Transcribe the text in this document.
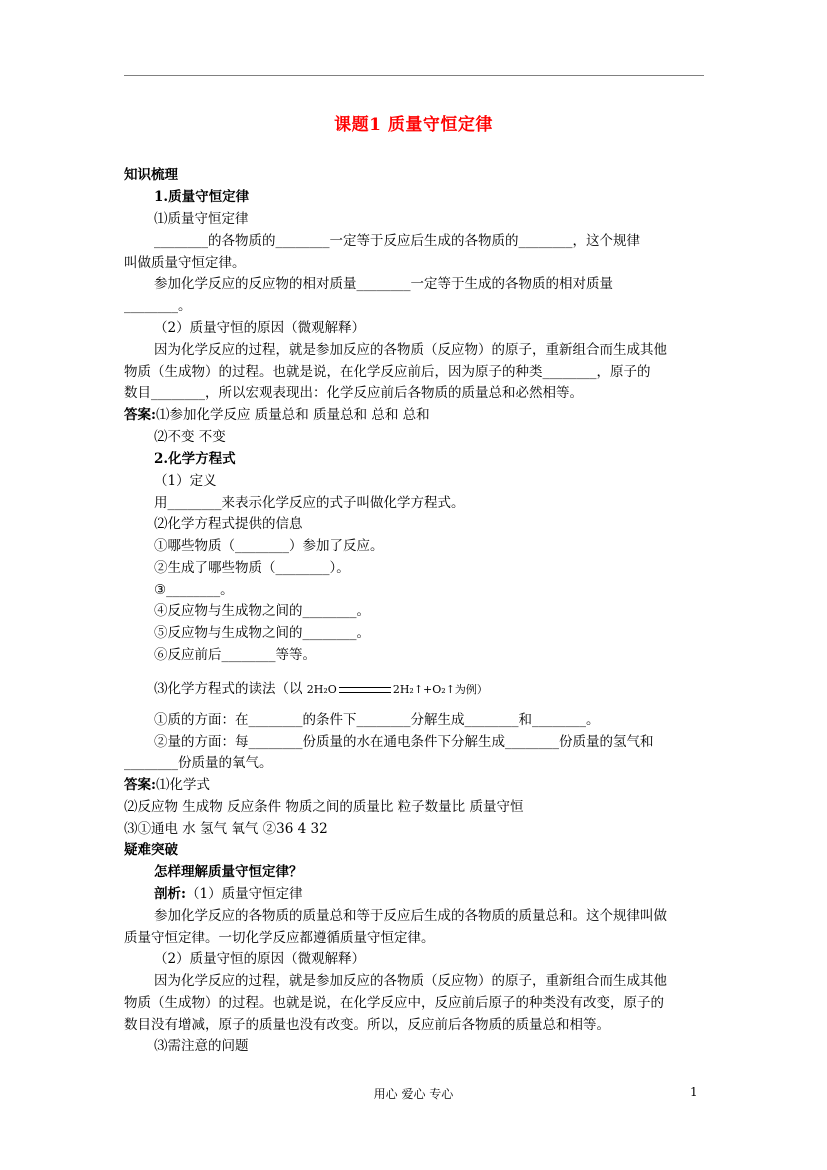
课题1 质量守恒定律
知识梳理
1.质量守恒定律
⑴质量守恒定律
________的各物质的________一定等于反应后生成的各物质的________，这个规律
叫做质量守恒定律。
参加化学反应的反应物的相对质量________一定等于生成的各物质的相对质量
________。
（2）质量守恒的原因（微观解释）
因为化学反应的过程，就是参加反应的各物质（反应物）的原子，重新组合而生成其他
物质（生成物）的过程。也就是说，在化学反应前后，因为原子的种类________，原子的
数目________，所以宏观表现出：化学反应前后各物质的质量总和必然相等。
答案:⑴参加化学反应 质量总和 质量总和 总和 总和
⑵不变 不变
2.化学方程式
（1）定义
用________来表示化学反应的式子叫做化学方程式。
⑵化学方程式提供的信息
①哪些物质（________）参加了反应。
②生成了哪些物质（________）。
③________。
④反应物与生成物之间的________。
⑤反应物与生成物之间的________。
⑥反应前后________等等。
⑶化学方程式的读法（以 2H₂O	2H₂↑+O₂↑为例）
①质的方面：在________的条件下________分解生成________和________。
②量的方面：每________份质量的水在通电条件下分解生成________份质量的氢气和
________份质量的氧气。
答案:⑴化学式
⑵反应物 生成物 反应条件 物质之间的质量比 粒子数量比 质量守恒
⑶①通电 水 氢气 氧气 ②36 4 32
疑难突破
怎样理解质量守恒定律？
剖析:（1）质量守恒定律
参加化学反应的各物质的质量总和等于反应后生成的各物质的质量总和。这个规律叫做
质量守恒定律。一切化学反应都遵循质量守恒定律。
（2）质量守恒的原因（微观解释）
因为化学反应的过程，就是参加反应的各物质（反应物）的原子，重新组合而生成其他
物质（生成物）的过程。也就是说，在化学反应中，反应前后原子的种类没有改变，原子的
数目没有增减，原子的质量也没有改变。所以，反应前后各物质的质量总和相等。
⑶需注意的问题
用心 爱心 专心	1
